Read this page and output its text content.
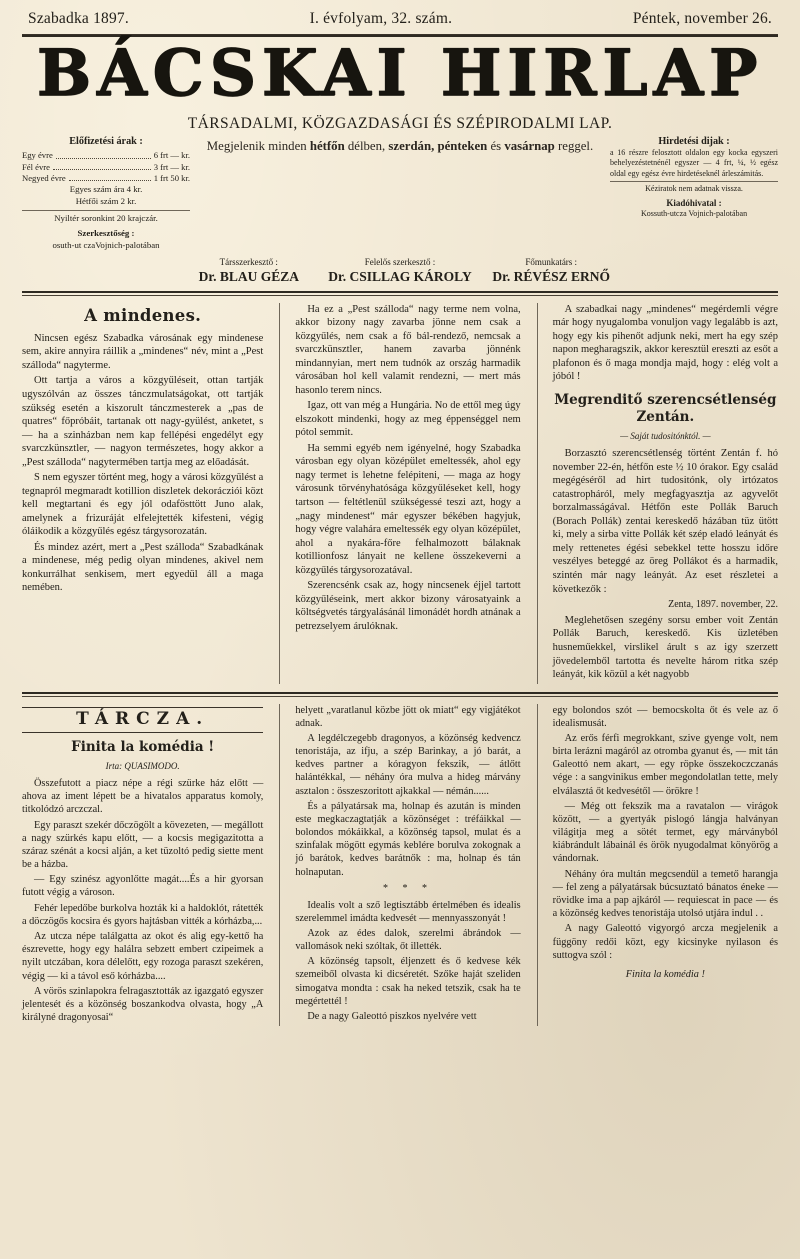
Szabadka 1897.	I. évfolyam, 32. szám.	Péntek, november 26.
BÁCSKAI HIRLAP
TÁRSADALMI, KÖZGAZDASÁGI ÉS SZÉPIRODALMI LAP.
Előfizetési árak :
Egy évre	6 frt — kr.
Fél évre	3 frt — kr.
Negyed évre	1 frt 50 kr.
Egyes szám ára 4 kr.
Hétfői szám 2 kr.
Nyiltér soronkint 20 krajczár.
Szerkesztőség :
osuth-ut czaVojnich-palotában
Megjelenik minden hétfőn délben, szerdán, pénteken és vasárnap reggel.	Hirdetési dijak :
a 16 részre felosztott oldalon egy kocka egyszeri behelyezéstetnénél egyszer — 4 frt, ¼, ½ egész oldal egy egész évre hirdetéseknél árleszámitás.
Kéziratok nem adatnak vissza.
Kiadóhivatal :
Kossuth-utcza Vojnich-palotában
Társszerkesztő :
Dr. BLAU GÉZA
Felelős szerkesztő :
Dr. CSILLAG KÁROLY
Főmunkatárs :
Dr. RÉVÉSZ ERNŐ
A mindenes.

Nincsen egész Szabadka városának egy mindenese sem, akire annyira ráillik a „mindenes“ név, mint a „Pest szálloda“ nagyterme.

Ott tartja a város a közgyűléseit, ottan tartják ugyszólván az összes tánczmulatságokat, ott tartják szükség esetén a kiszorult tánczmesterek a „pas de quatres“ főpróbáit, tartanak ott nagy-gyülést, anketet, s — ha a szinházban nem kap fellépési engedélyt egy svarczkünsztler, — nagyon természetes, hogy akkor a „Pest szálloda“ nagytermében tartja meg az előadását.

S nem egyszer történt meg, hogy a városi közgyűlést a tegnapról megmaradt kotillion diszletek dekorácziói közt kell megtartani és egy jól odafösttött Juno alak, amelynek a frizuráját elfelejtették kifesteni, végig óláikodik a közgyűlés egész tárgysorozatán.

És mindez azért, mert a „Pest szálloda“ Szabadkának a mindenese, még pedig olyan mindenes, akivel nem konkurrálhat senkisem, mert egyedül áll a maga nemében.

Ha ez a „Pest szálloda“ nagy terme nem volna, akkor bizony nagy zavarba jönne nem csak a közgyűlés, nem csak a fő bál-rendező, nemcsak a svarczkünsztler, hanem zavarba jönnénk mindannyian, mert nem tudnók az ország harmadik városában hol kell valamit rendezni, — mert más hasonlo terem nincs.

Igaz, ott van még a Hungária. No de ettől meg úgy elszokott mindenki, hogy az meg éppenséggel nem pótol semmit.

Ha semmi egyéb nem igényelné, hogy Szabadka városban egy olyan középület emeltessék, ahol egy nagy termet is lehetne felépiteni, — maga az hogy városunk törvényhatósága közgyűléseket kell, hogy tartson — feltétlenül szükségessé teszi azt, hogy a „nagy mindenest“ már egyszer békében hagyjuk, hogy végre valahára emeltessék egy olyan középület, ahol a nyakára-főre felhalmozott bálaknak kotillionfosz lányait ne kellene összekeverni a közgyűlés tárgysorozatával.

Szerencsénk csak az, hogy nincsenek éjjel tartott közgyűléseink, mert akkor bizony városatyaink a költségvetés tárgyalásánál limonádét hordh atnának a petrezselyem árulóknak.

A szabadkai nagy „mindenes“ megérdemli végre már hogy nyugalomba vonuljon vagy legalább is azt, hogy egy kis pihenőt adjunk neki, mert ha egy szép napon megharagszik, akkor keresztül ereszti az esőt a plafonon és ő maga mondja majd, hogy : elég volt a jóból !

Megrenditő szerencsétlenség Zentán.

— Saját tudositónktól. —

Borzasztó szerencsétlenség történt Zentán f. hó november 22-én, hétfőn este ½ 10 órakor. Egy család megégéséről ad hirt tudositónk, oly irtózatos catastropháról, mely megfagyasztja az agyvelőt borzalmasságával. Hétfőn este Pollák Baruch (Borach Pollák) zentai kereskedő házában tüz ütött ki, mely a sirba vitte Pollák két szép eladó leányát és mely rettenetes égési sebekkel tette hosszu időre veszélyes beteggé az öreg Pollákot és a harmadik, szintén már nagy leányát. Az eset részletei a következők :

Zenta, 1897. november, 22.

Meglehetősen szegény sorsu ember voit Zentán Pollák Baruch, kereskedő. Kis üzletében husneműekkel, virslikel árult s az igy szerzett jövedelemből tartotta és nevelte három ritka szép leányát, kik közül a két nagyobb

TÁRCZA.
Finita la komédia !

Irta: QUASIMODO.

Összefutott a piacz népe a régi szürke ház előtt — ahova az iment lépett be a hivatalos apparatus komoly, titkolódzó arczczal.

Egy paraszt szekér dőczögölt a kövezeten, — megállott a nagy szürkés kapu előtt, — a kocsis megigazitotta a száraz szénát a kocsi alján, a ket tüzoltó pedig siette ment be a házba.

— Egy szinész agyonlőtte magát....És a hir gyorsan futott végig a városon.

Fehér lepedőbe burkolva hozták ki a haldoklót, rátették a döczögős kocsira és gyors hajtásban vitték a kórházba,...

Az utcza népe találgatta az okot és alig egy-kettő ha észrevette, hogy egy halálra sebzett embert czipeimek a nyilt utczában, kora délelőtt, egy rozoga paraszt szekéren, végig — ki a távol eső kórházba....

A vörös szinlapokra felragasztották az igazgató egyszer jelentesét és a közönség boszankodva olvasta, hogy „A királyné dragonyosai“

helyett „varatlanul közbe jött ok miatt“ egy vigjátékot adnak.

A legdélczegebb dragonyos, a közönség kedvencz tenoristája, az ifju, a szép Barinkay, a jó barát, a kedves partner a kóragyon fekszik, — átlőtt halántékkal, — néhány óra mulva a hideg márvány asztalon : összeszoritott ajkakkal — némán......

És a pályatársak ma, holnap és azután is minden este megkaczagtatják a közönséget : tréfáikkal — bolondos mókáikkal, a közönség tapsol, mulat és a szinfalak mögött egymás keblére borulva zokognak a jó barátok, kedves barátnők : ma, holnap és tán holnaputan.

* * *

Idealis volt a sző legtisztább értelmében és idealis szerelemmel imádta kedvesét — mennyasszonyát !

Azok az édes dalok, szerelmi ábrándok — vallomások neki szóltak, őt illették.

A közönség tapsolt, éljenzett és ő kedvese kék szemeiből olvasta ki dicséretét. Szőke haját szeliden simogatva mondta : csak ha neked tetszik, csak ha te megértettél !

De a nagy Galeottó piszkos nyelvére vett

egy bolondos szót — bemocskolta őt és vele az ő idealismusát.

Az erős férfi megrokkant, szive gyenge volt, nem birta lerázni magáról az otromba gyanut és, — mit tán Galeottó nem akart, — egy röpke összekoczczanás vége : a sangvinikus ember megondolatlan tette, mely elválasztá őt kedvesétől — örökre !

— Még ott fekszik ma a ravatalon — virágok között, — a gyertyák pislogó lángja halványan világitja meg a sötét termet, egy márványból kiábrándult lábainál és örök nyugodalmat könyörög a vándornak.

Néhány óra multán megcsendül a temető harangja — fel zeng a pályatársak búcsuztató bánatos éneke — rövidke ima a pap ajkáról — requiescat in pace — és a közönség kedves tenoristája utolsó utjára indul . .

A nagy Galeottó vigyorgó arcza megjelenik a függöny redői közt, egy kicsinyke nyilason és suttogva szól :

Finita la komédia !
